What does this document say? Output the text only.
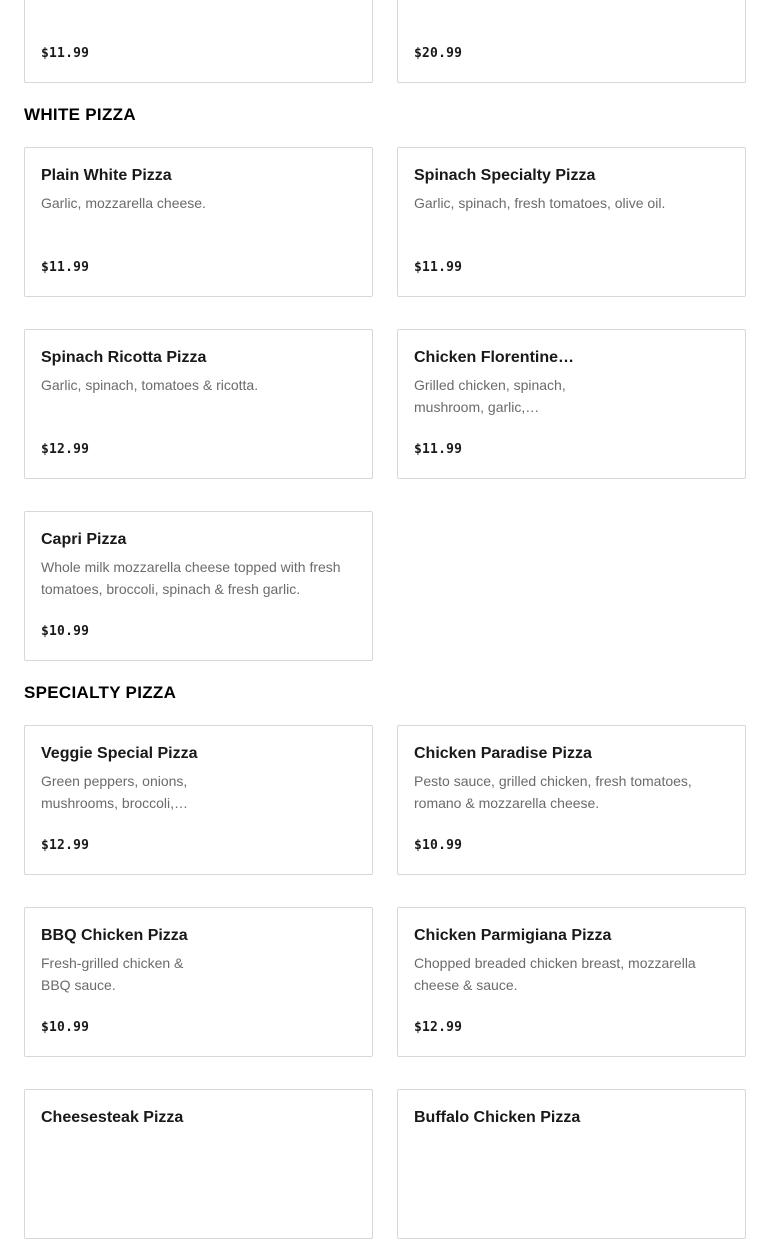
$11.99	$20.99
WHITE PIZZA
Plain White Pizza
Garlic, mozzarella cheese.
$11.99
Spinach Specialty Pizza
Garlic, spinach, fresh tomatoes, olive oil.
$11.99
Spinach Ricotta Pizza
Garlic, spinach, tomatoes & ricotta.
$12.99
Chicken Florentine…
Grilled chicken, spinach, mushroom, garlic,…
$11.99
Capri Pizza
Whole milk mozzarella cheese topped with fresh tomatoes, broccoli, spinach & fresh garlic.
$10.99
SPECIALTY PIZZA
Veggie Special Pizza
Green peppers, onions, mushrooms, broccoli,…
$12.99
Chicken Paradise Pizza
Pesto sauce, grilled chicken, fresh tomatoes, romano & mozzarella cheese.
$10.99
BBQ Chicken Pizza
Fresh-grilled chicken & BBQ sauce.
$10.99
Chicken Parmigiana Pizza
Chopped breaded chicken breast, mozzarella cheese & sauce.
$12.99
Cheesesteak Pizza	Buffalo Chicken Pizza
